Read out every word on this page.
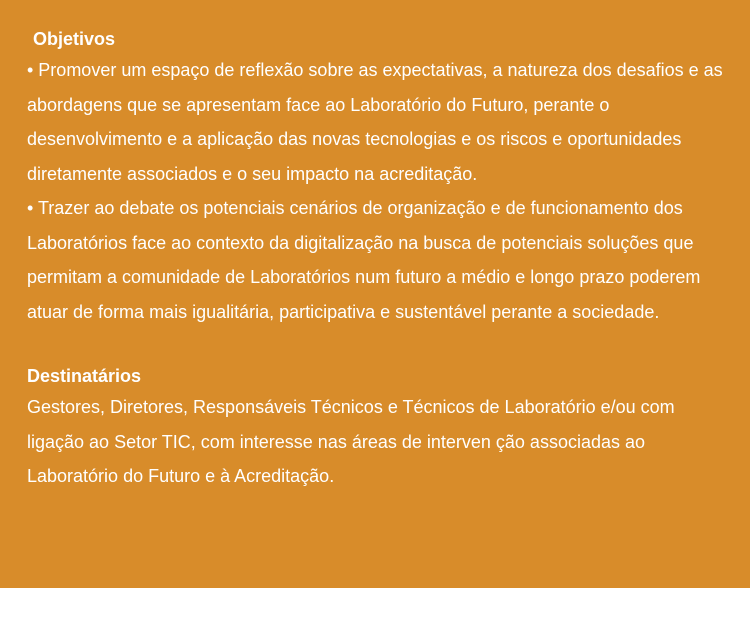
Objetivos

• Promover um espaço de reflexão sobre as expectativas, a natureza dos desafios e as abordagens que se apresentam face ao Laboratório do Futuro, perante o desenvolvimento e a aplicação das novas tecnologias e os riscos e oportunidades diretamente associados e o seu impacto na acreditação.

• Trazer ao debate os potenciais cenários de organização e de funcionamento dos Laboratórios face ao contexto da digitalização na busca de potenciais soluções que permitam a comunidade de Laboratórios num futuro a médio e longo prazo poderem atuar de forma mais igualitária, participativa e sustentável perante a sociedade.

Destinatários

Gestores, Diretores, Responsáveis Técnicos e Técnicos de Laboratório e/ou com ligação ao Setor TIC, com interesse nas áreas de interven ção associadas ao Laboratório do Futuro e à Acreditação.
